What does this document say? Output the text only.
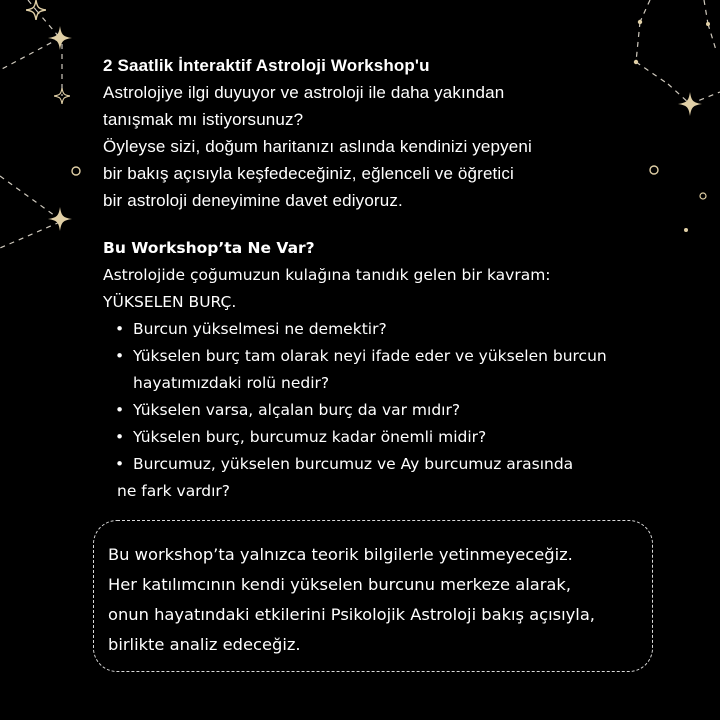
2 Saatlik İnteraktif Astroloji Workshop'u
Astrolojiye ilgi duyuyor ve astroloji ile daha yakından
tanışmak mı istiyorsunuz?
Öyleyse sizi, doğum haritanızı aslında kendinizi yepyeni
bir bakış açısıyla keşfedeceğiniz, eğlenceli ve öğretici
bir astroloji deneyimine davet ediyoruz.
Bu Workshop’ta Ne Var?
Astrolojide çoğumuzun kulağına tanıdık gelen bir kavram:
YÜKSELEN BURÇ.
• Burcun yükselmesi ne demektir?
• Yükselen burç tam olarak neyi ifade eder ve yükselen burcun
hayatımızdaki rolü nedir?
• Yükselen varsa, alçalan burç da var mıdır?
• Yükselen burç, burcumuz kadar önemli midir?
• Burcumuz, yükselen burcumuz ve Ay burcumuz arasında
ne fark vardır?
Bu workshop’ta yalnızca teorik bilgilerle yetinmeyeceğiz.
Her katılımcının kendi yükselen burcunu merkeze alarak,
onun hayatındaki etkilerini Psikolojik Astroloji bakış açısıyla,
birlikte analiz edeceğiz.
